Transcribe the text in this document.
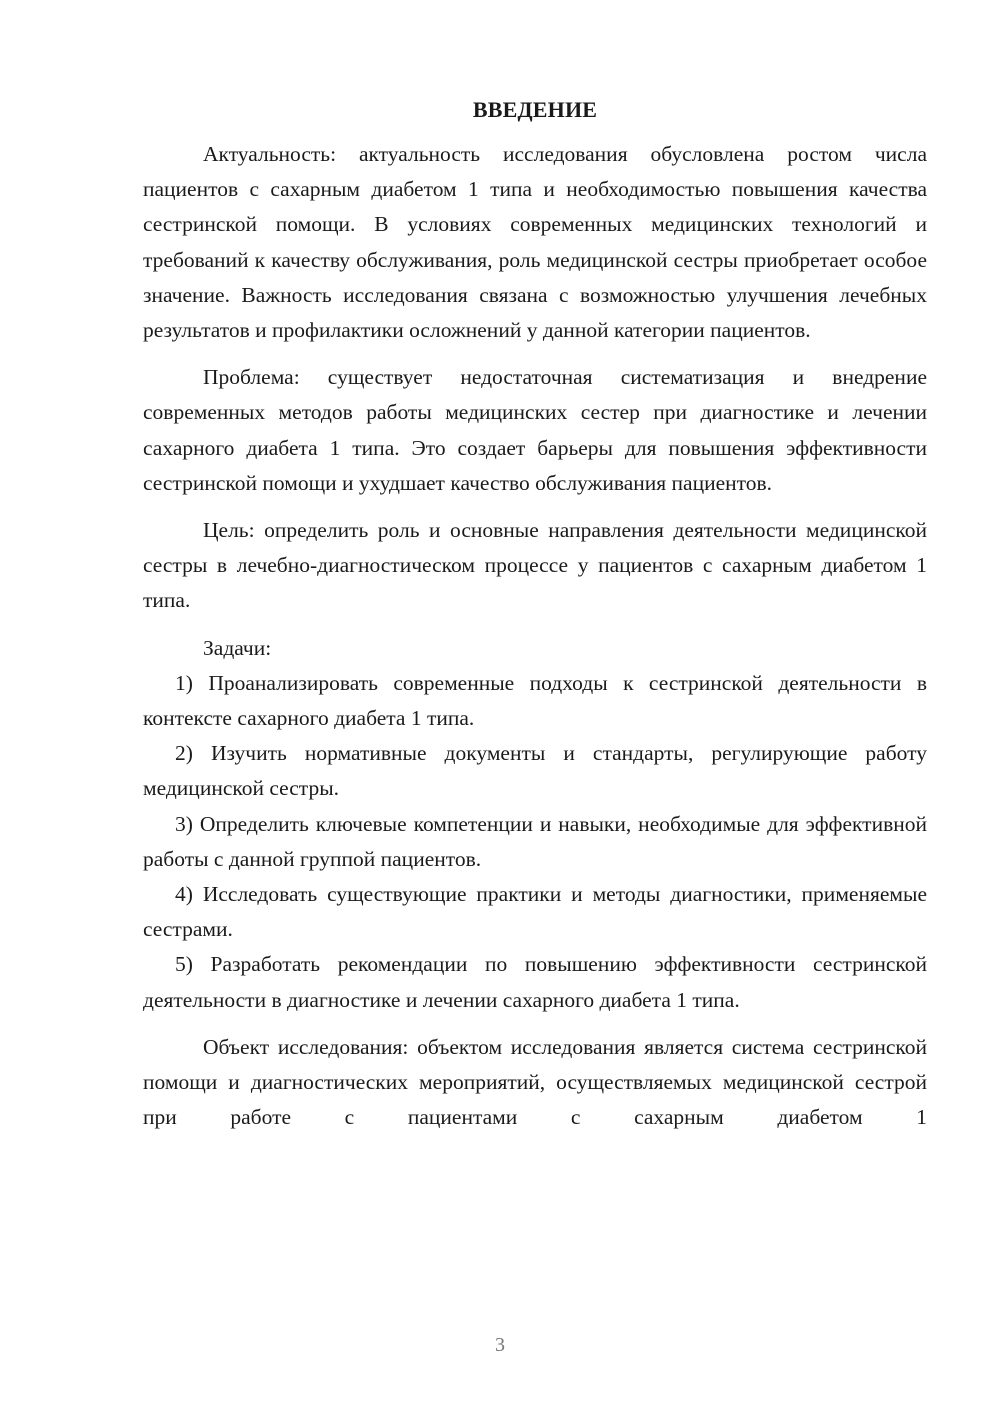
ВВЕДЕНИЕ

Актуальность: актуальность исследования обусловлена ростом числа пациентов с сахарным диабетом 1 типа и необходимостью повышения качества сестринской помощи. В условиях современных медицинских технологий и требований к качеству обслуживания, роль медицинской сестры приобретает особое значение. Важность исследования связана с возможностью улучшения лечебных результатов и профилактики осложнений у данной категории пациентов.

Проблема: существует недостаточная систематизация и внедрение современных методов работы медицинских сестер при диагностике и лечении сахарного диабета 1 типа. Это создает барьеры для повышения эффективности сестринской помощи и ухудшает качество обслуживания пациентов.

Цель: определить роль и основные направления деятельности медицинской сестры в лечебно-диагностическом процессе у пациентов с сахарным диабетом 1 типа.

Задачи:

1) Проанализировать современные подходы к сестринской деятельности в контексте сахарного диабета 1 типа.

2) Изучить нормативные документы и стандарты, регулирующие работу медицинской сестры.

3) Определить ключевые компетенции и навыки, необходимые для эффективной работы с данной группой пациентов.

4) Исследовать существующие практики и методы диагностики, применяемые сестрами.

5) Разработать рекомендации по повышению эффективности сестринской деятельности в диагностике и лечении сахарного диабета 1 типа.

Объект исследования: объектом исследования является система сестринской помощи и диагностических мероприятий, осуществляемых медицинской сестрой при работе с пациентами с сахарным диабетом 1

3
